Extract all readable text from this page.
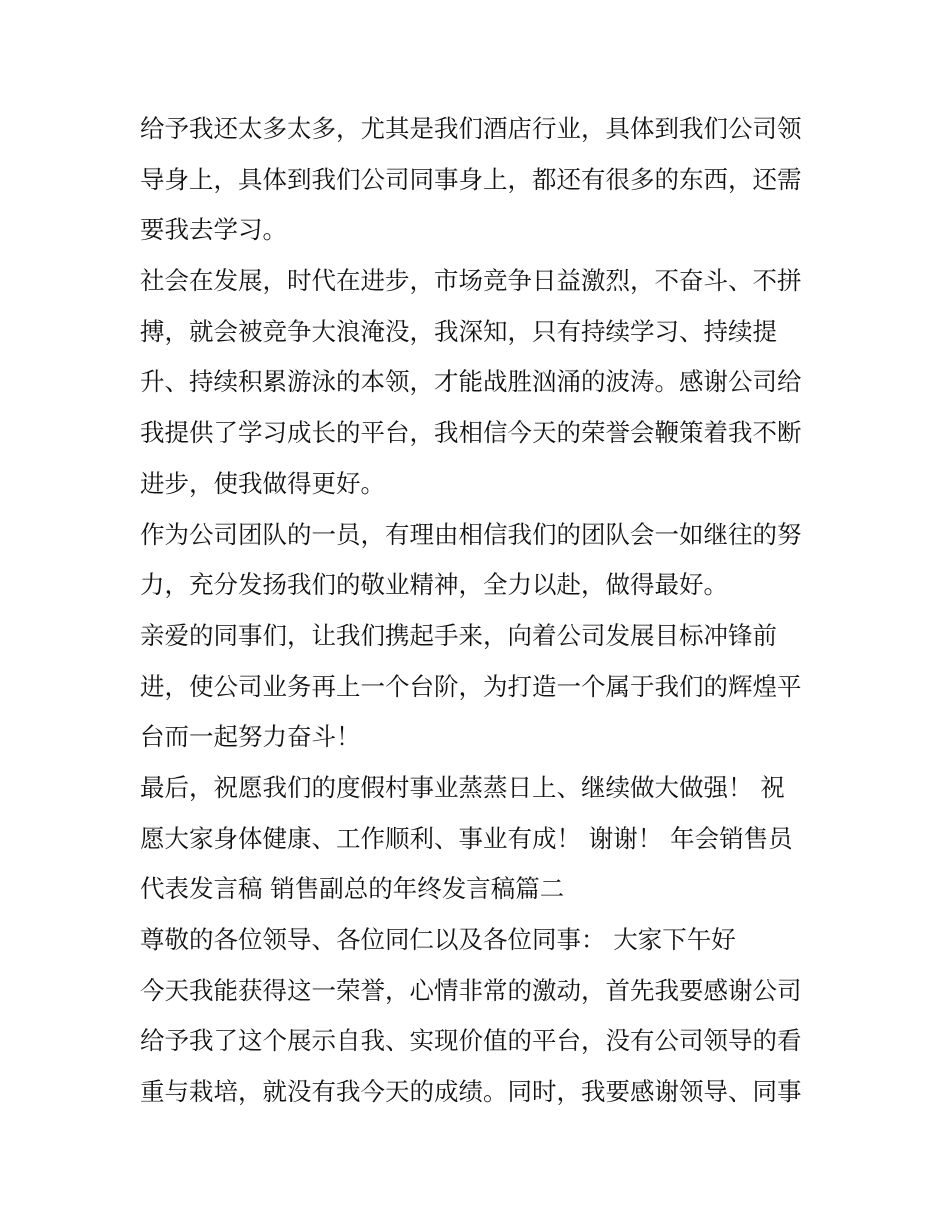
给予我还太多太多，尤其是我们酒店行业，具体到我们公司领
导身上，具体到我们公司同事身上，都还有很多的东西，还需
要我去学习。
社会在发展，时代在进步，市场竞争日益激烈，不奋斗、不拼
搏，就会被竞争大浪淹没，我深知，只有持续学习、持续提
升、持续积累游泳的本领，才能战胜汹涌的波涛。感谢公司给
我提供了学习成长的平台，我相信今天的荣誉会鞭策着我不断
进步，使我做得更好。
作为公司团队的一员，有理由相信我们的团队会一如继往的努
力，充分发扬我们的敬业精神，全力以赴，做得最好。
亲爱的同事们，让我们携起手来，向着公司发展目标冲锋前
进，使公司业务再上一个台阶，为打造一个属于我们的辉煌平
台而一起努力奋斗！
最后，祝愿我们的度假村事业蒸蒸日上、继续做大做强！ 祝
愿大家身体健康、工作顺利、事业有成！ 谢谢！ 年会销售员
代表发言稿 销售副总的年终发言稿篇二
尊敬的各位领导、各位同仁以及各位同事： 大家下午好
今天我能获得这一荣誉，心情非常的激动，首先我要感谢公司
给予我了这个展示自我、实现价值的平台，没有公司领导的看
重与栽培，就没有我今天的成绩。同时，我要感谢领导、同事
